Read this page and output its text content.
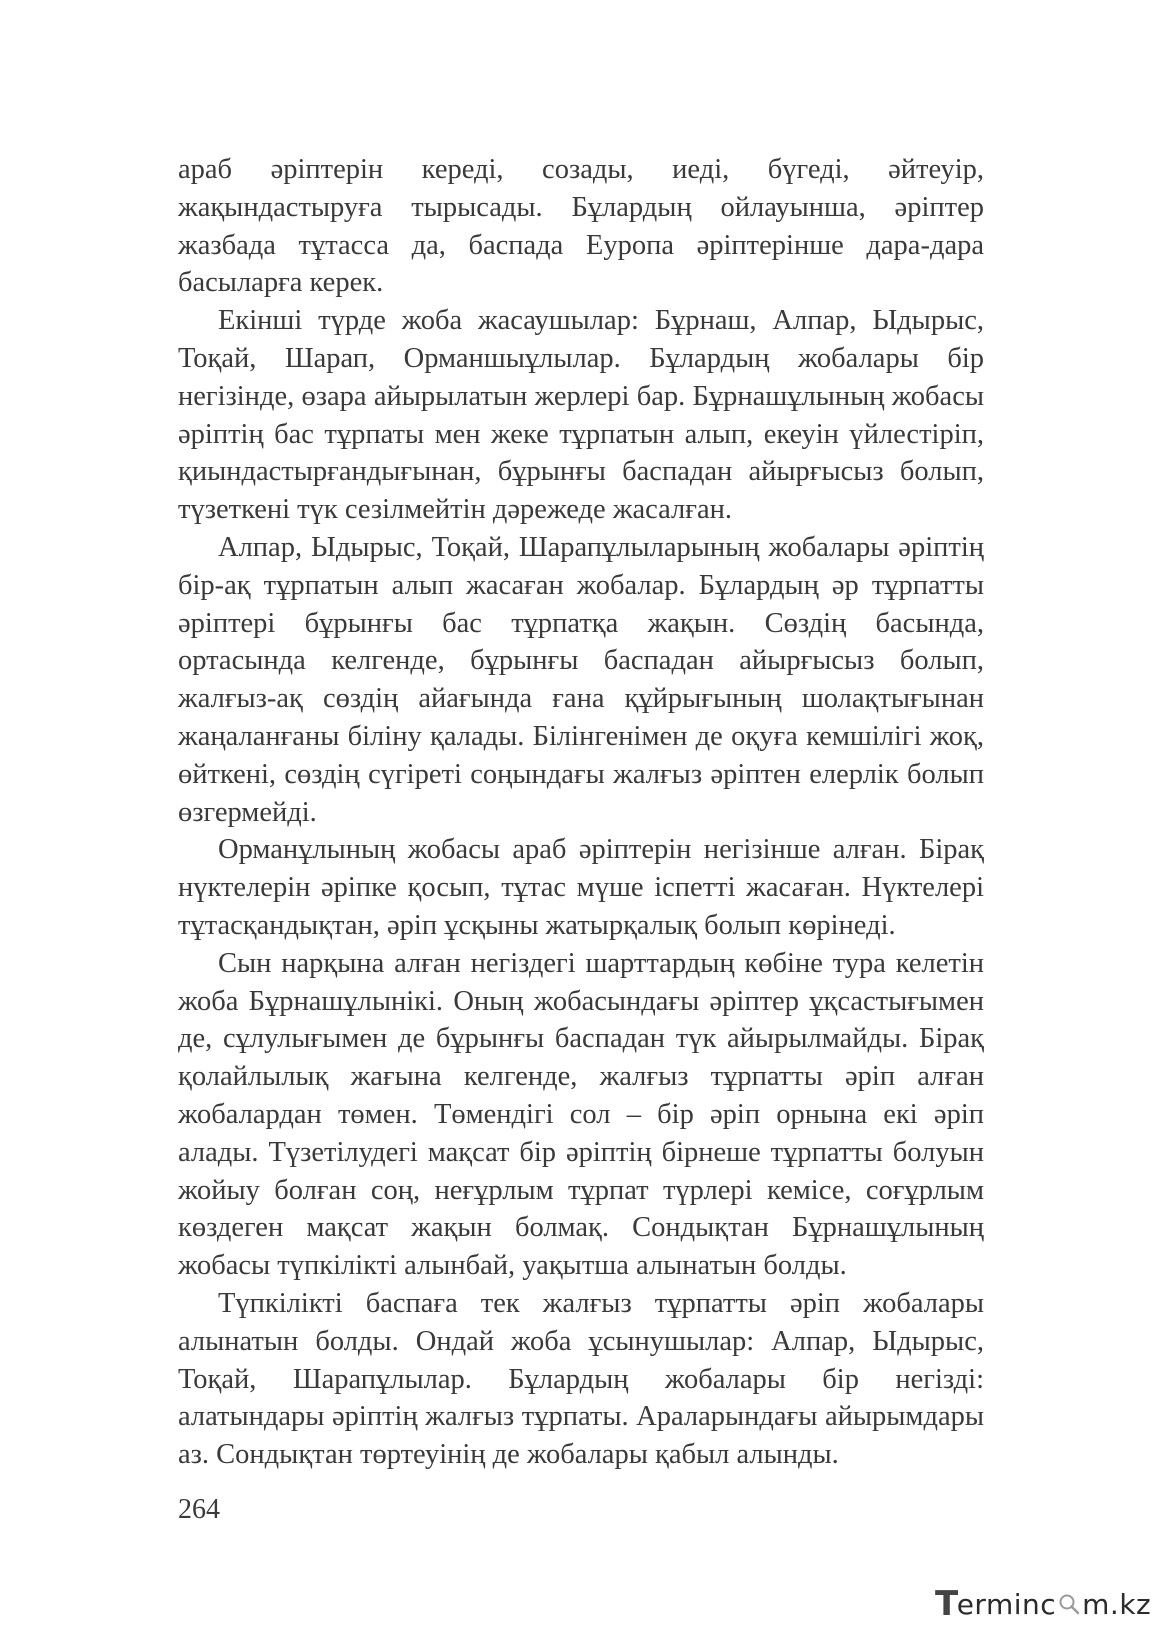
араб әріптерін кереді, созады, иеді, бүгеді, әйтеуір, жақындастыруға тырысады. Бұлардың ойлауынша, әріптер жазбада тұтасса да, баспада Еуропа әріптерінше дара-дара басыларға керек.

Екінші түрде жоба жасаушылар: Бұрнаш, Алпар, Ыдырыс, Тоқай, Шарап, Орманшыұлылар. Бұлардың жобалары бір негізінде, өзара айырылатын жерлері бар. Бұрнашұлының жобасы әріптің бас тұрпаты мен жеке тұрпатын алып, екеуін үйлестіріп, қиындастырғандығынан, бұрынғы баспадан айырғысыз болып, түзеткені түк сезілмейтін дәрежеде жасалған.

Алпар, Ыдырыс, Тоқай, Шарапұлыларының жобалары әріптің бір-ақ тұрпатын алып жасаған жобалар. Бұлардың әр тұрпатты әріптері бұрынғы бас тұрпатқа жақын. Сөздің басында, ортасында келгенде, бұрынғы баспадан айырғысыз болып, жалғыз-ақ сөздің айағында ғана құйрығының шолақтығынан жаңаланғаны біліну қалады. Білінгенімен де оқуға кемшілігі жоқ, өйткені, сөздің сүгіреті соңындағы жалғыз әріптен елерлік болып өзгермейді.

Орманұлының жобасы араб әріптерін негізінше алған. Бірақ нүктелерін әріпке қосып, тұтас мүше іспетті жасаған. Нүктелері тұтасқандықтан, әріп ұсқыны жатырқалық болып көрінеді.

Сын нарқына алған негіздегі шарттардың көбіне тура келетін жоба Бұрнашұлынікі. Оның жобасындағы әріптер ұқсастығымен де, сұлулығымен де бұрынғы баспадан түк айырылмайды. Бірақ қолайлылық жағына келгенде, жалғыз тұрпатты әріп алған жобалардан төмен. Төмендігі сол – бір әріп орнына екі әріп алады. Түзетілудегі мақсат бір әріптің бірнеше тұрпатты болуын жойыу болған соң, неғұрлым тұрпат түрлері кемісе, соғұрлым көздеген мақсат жақын болмақ. Сондықтан Бұрнашұлының жобасы түпкілікті алынбай, уақытша алынатын болды.

Түпкілікті баспаға тек жалғыз тұрпатты әріп жобалары алынатын болды. Ондай жоба ұсынушылар: Алпар, Ыдырыс, Тоқай, Шарапұлылар. Бұлардың жобалары бір негізді: алатындары әріптің жалғыз тұрпаты. Араларындағы айырымдары аз. Сондықтан төртеуінің де жобалары қабыл алынды.

264
T
ermin c m.kz
